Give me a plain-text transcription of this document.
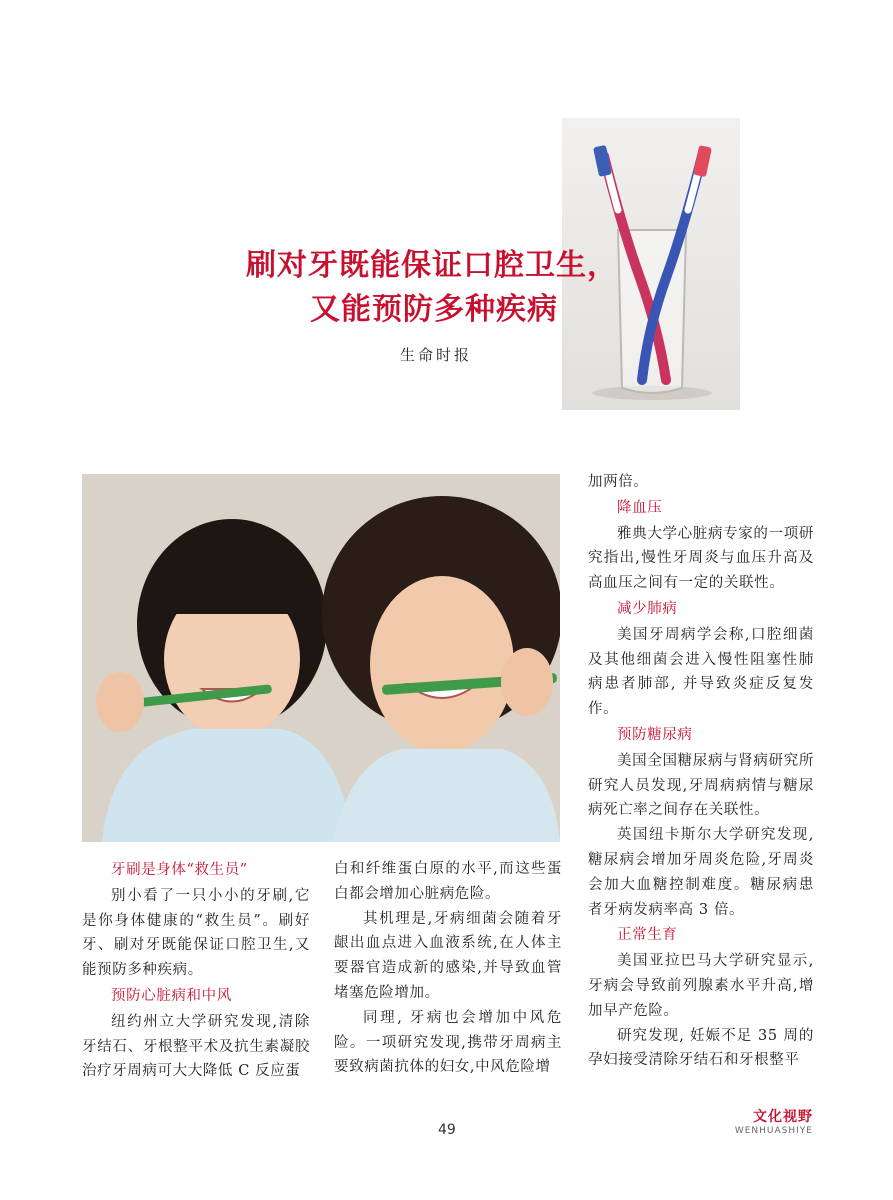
刷对牙既能保证口腔卫生，
又能预防多种疾病
生命时报
牙刷是身体“救生员”

别小看了一只小小的牙刷,它是你身体健康的“救生员”。刷好牙、刷对牙既能保证口腔卫生,又能预防多种疾病。

预防心脏病和中风

纽约州立大学研究发现,清除牙结石、牙根整平术及抗生素凝胶治疗牙周病可大大降低 C 反应蛋

白和纤维蛋白原的水平,而这些蛋白都会增加心脏病危险。

其机理是,牙病细菌会随着牙龈出血点进入血液系统,在人体主要器官造成新的感染,并导致血管堵塞危险增加。

同理, 牙病也会增加中风危险。一项研究发现,携带牙周病主要致病菌抗体的妇女,中风危险增

加两倍。

降血压

雅典大学心脏病专家的一项研究指出,慢性牙周炎与血压升高及高血压之间有一定的关联性。

减少肺病

美国牙周病学会称,口腔细菌及其他细菌会进入慢性阻塞性肺病患者肺部, 并导致炎症反复发作。

预防糖尿病

美国全国糖尿病与肾病研究所研究人员发现,牙周病病情与糖尿病死亡率之间存在关联性。

英国纽卡斯尔大学研究发现,糖尿病会增加牙周炎危险,牙周炎会加大血糖控制难度。糖尿病患者牙病发病率高 3 倍。

正常生育

美国亚拉巴马大学研究显示,牙病会导致前列腺素水平升高,增加早产危险。

研究发现, 妊娠不足 35 周的孕妇接受清除牙结石和牙根整平

49
文化视野
WENHUASHIYE
